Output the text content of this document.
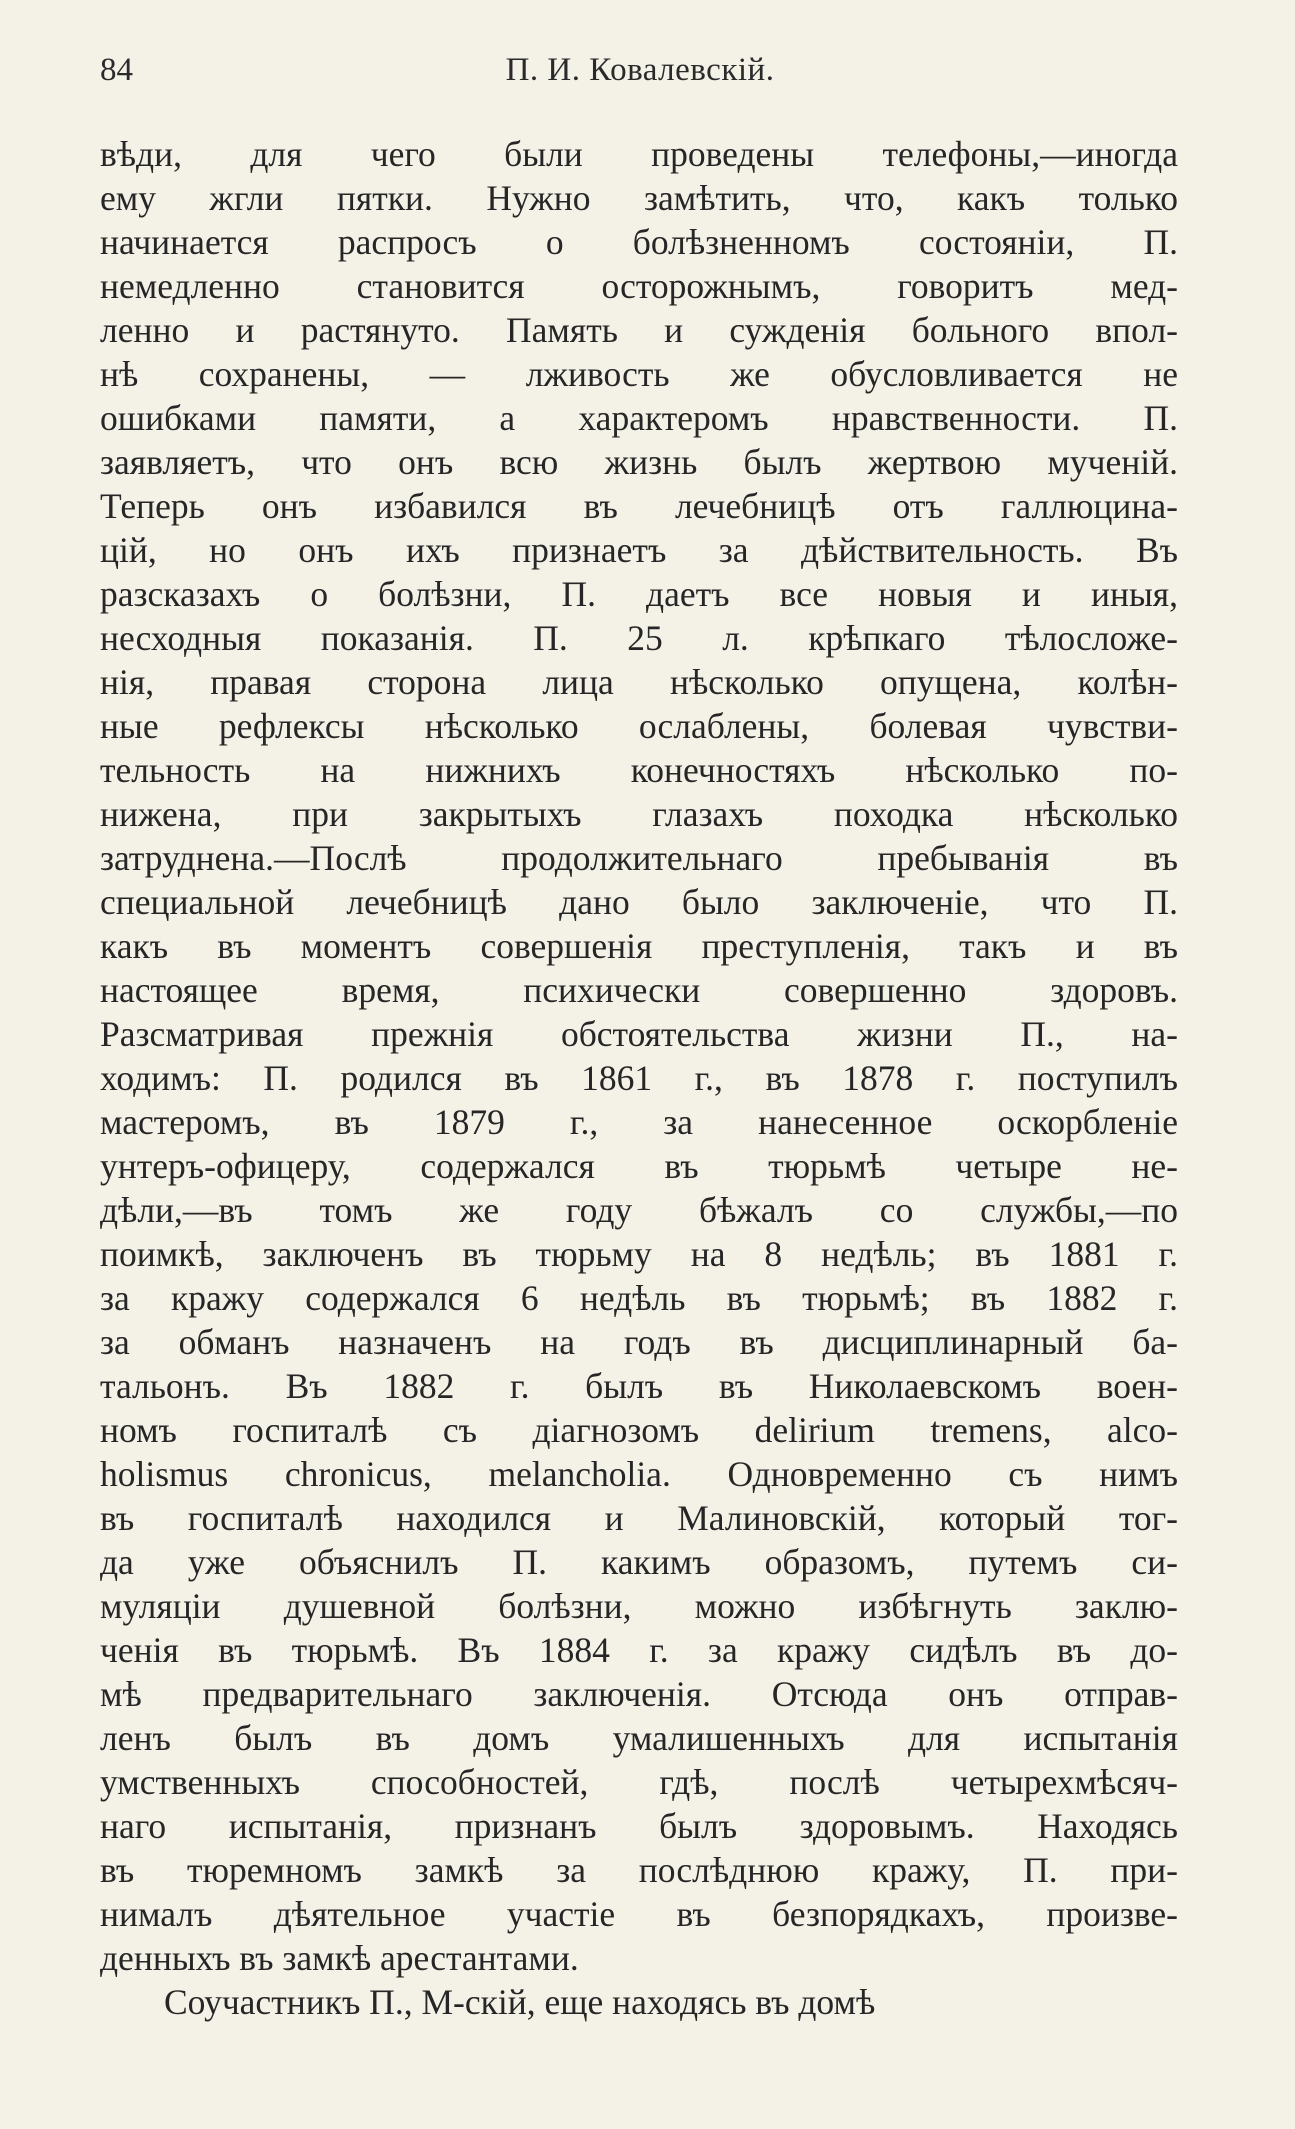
84	П. И. Ковалевскій.
вѣди, для чего были проведены телефоны,—иногда
ему жгли пятки. Нужно замѣтить, что, какъ только
начинается распросъ о болѣзненномъ состояніи, П.
немедленно становится осторожнымъ, говоритъ мед-
ленно и растянуто. Память и сужденія больного впол-
нѣ сохранены, — лживость же обусловливается не
ошибками памяти, а характеромъ нравственности. П.
заявляетъ, что онъ всю жизнь былъ жертвою мученій.
Теперь онъ избавился въ лечебницѣ отъ галлюцина-
цій, но онъ ихъ признаетъ за дѣйствительность. Въ
разсказахъ о болѣзни, П. даетъ все новыя и иныя,
несходныя показанія. П. 25 л. крѣпкаго тѣлосложе-
нія, правая сторона лица нѣсколько опущена, колѣн-
ные рефлексы нѣсколько ослаблены, болевая чувстви-
тельность на нижнихъ конечностяхъ нѣсколько по-
нижена, при закрытыхъ глазахъ походка нѣсколько
затруднена.—Послѣ продолжительнаго пребыванія въ
специальной лечебницѣ дано было заключеніе, что П.
какъ въ моментъ совершенія преступленія, такъ и въ
настоящее время, психически совершенно здоровъ.
Разсматривая прежнія обстоятельства жизни П., на-
ходимъ: П. родился въ 1861 г., въ 1878 г. поступилъ
мастеромъ, въ 1879 г., за нанесенное оскорбленіе
унтеръ-офицеру, содержался въ тюрьмѣ четыре не-
дѣли,—въ томъ же году бѣжалъ со службы,—по
поимкѣ, заключенъ въ тюрьму на 8 недѣль; въ 1881 г.
за кражу содержался 6 недѣль въ тюрьмѣ; въ 1882 г.
за обманъ назначенъ на годъ въ дисциплинарный ба-
тальонъ. Въ 1882 г. былъ въ Николаевскомъ воен-
номъ госпиталѣ съ діагнозомъ delirium tremens, alco-
holismus chronicus, melancholia. Одновременно съ нимъ
въ госпиталѣ находился и Малиновскій, который тог-
да уже объяснилъ П. какимъ образомъ, путемъ си-
муляціи душевной болѣзни, можно избѣгнуть заклю-
ченія въ тюрьмѣ. Въ 1884 г. за кражу сидѣлъ въ до-
мѣ предварительнаго заключенія. Отсюда онъ отправ-
ленъ былъ въ домъ умалишенныхъ для испытанія
умственныхъ способностей, гдѣ, послѣ четырехмѣсяч-
наго испытанія, признанъ былъ здоровымъ. Находясь
въ тюремномъ замкѣ за послѣднюю кражу, П. при-
нималъ дѣятельное участіе въ безпорядкахъ, произве-
денныхъ въ замкѣ арестантами.
Соучастникъ П., М-скій, еще находясь въ домѣ
